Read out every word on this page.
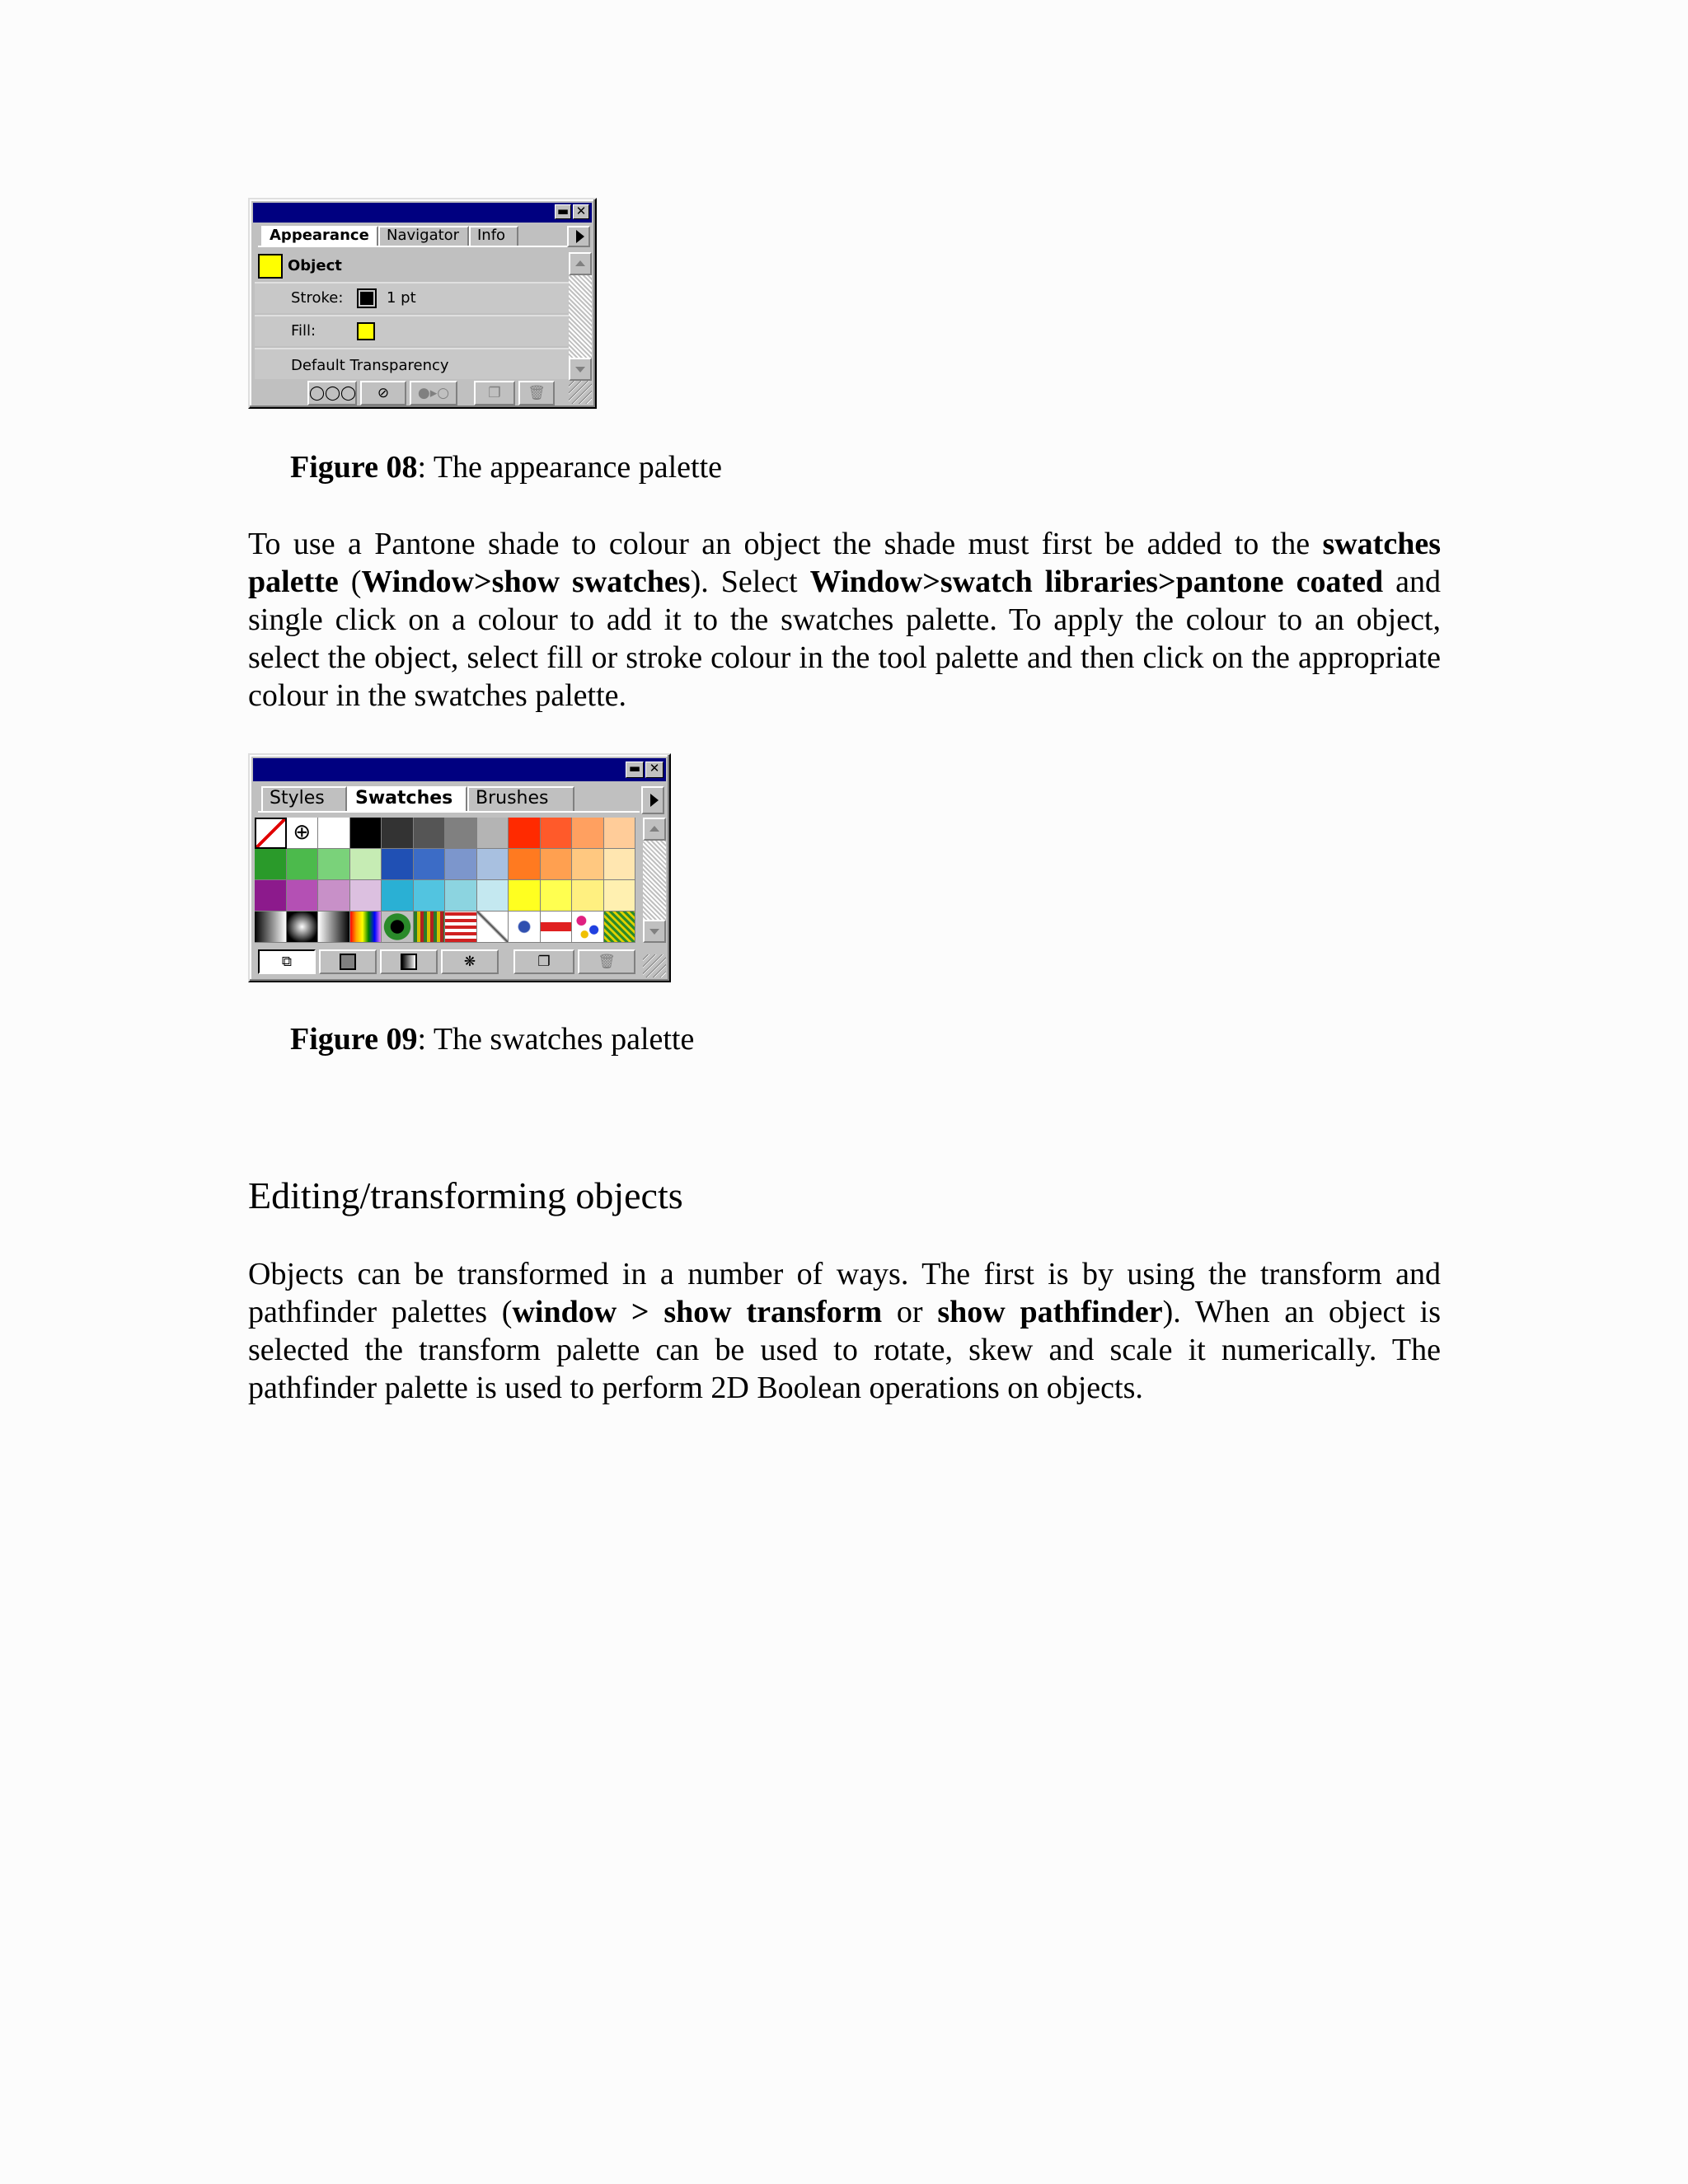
▬ ✕
Appearance	Navigator	Info
Object
Stroke:	1 pt
Fill:
Default Transparency
◯◯◯	⊘	●▸○	❐	🗑
Figure 08: The appearance palette

To use a Pantone shade to colour an object the shade must first be added to the swatches palette (Window>show swatches). Select Window>swatch libraries>pantone coated and single click on a colour to add it to the swatches palette. To apply the colour to an object, select the object, select fill or stroke colour in the tool palette and then click on the appropriate colour in the swatches palette.

▬ ✕
Styles	Swatches	Brushes
⊕
⧉	❋	❐	🗑
Figure 09: The swatches palette
Editing/transforming objects

Objects can be transformed in a number of ways. The first is by using the transform and pathfinder palettes (window > show transform or show pathfinder). When an object is selected the transform palette can be used to rotate, skew and scale it numerically. The pathfinder palette is used to perform 2D Boolean operations on objects.
